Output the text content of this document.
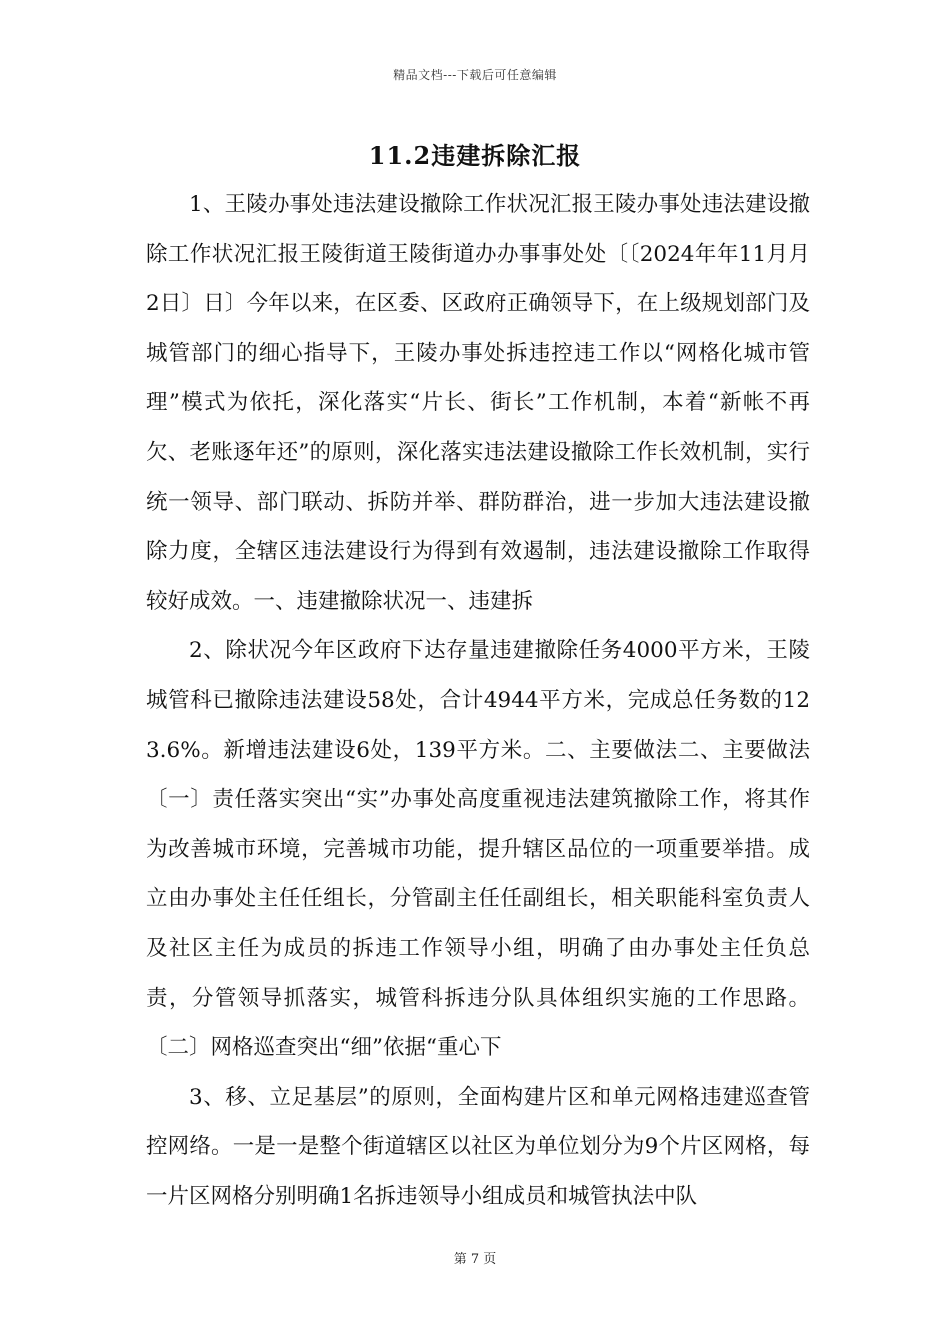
精品文档---下载后可任意编辑
11.2违建拆除汇报

1、王陵办事处违法建设撤除工作状况汇报王陵办事处违法建设撤除工作状况汇报王陵街道王陵街道办办事事处处〔〔2024年年11月月2日〕日〕今年以来，在区委、区政府正确领导下，在上级规划部门及城管部门的细心指导下，王陵办事处拆违控违工作以“网格化城市管理”模式为依托，深化落实“片长、街长”工作机制，本着“新帐不再欠、老账逐年还”的原则，深化落实违法建设撤除工作长效机制，实行统一领导、部门联动、拆防并举、群防群治，进一步加大违法建设撤除力度，全辖区违法建设行为得到有效遏制，违法建设撤除工作取得较好成效。一、违建撤除状况一、违建拆

2、除状况今年区政府下达存量违建撤除任务4000平方米，王陵城管科已撤除违法建设58处，合计4944平方米，完成总任务数的123.6%。新增违法建设6处，139平方米。二、主要做法二、主要做法〔一〕责任落实突出“实”办事处高度重视违法建筑撤除工作，将其作为改善城市环境，完善城市功能，提升辖区品位的一项重要举措。成立由办事处主任任组长，分管副主任任副组长，相关职能科室负责人及社区主任为成员的拆违工作领导小组，明确了由办事处主任负总责，分管领导抓落实，城管科拆违分队具体组织实施的工作思路。〔二〕网格巡查突出“细”依据“重心下

3、移、立足基层”的原则，全面构建片区和单元网格违建巡查管控网络。一是一是整个街道辖区以社区为单位划分为9个片区网格，每一片区网格分别明确1名拆违领导小组成员和城管执法中队

第 7 页
